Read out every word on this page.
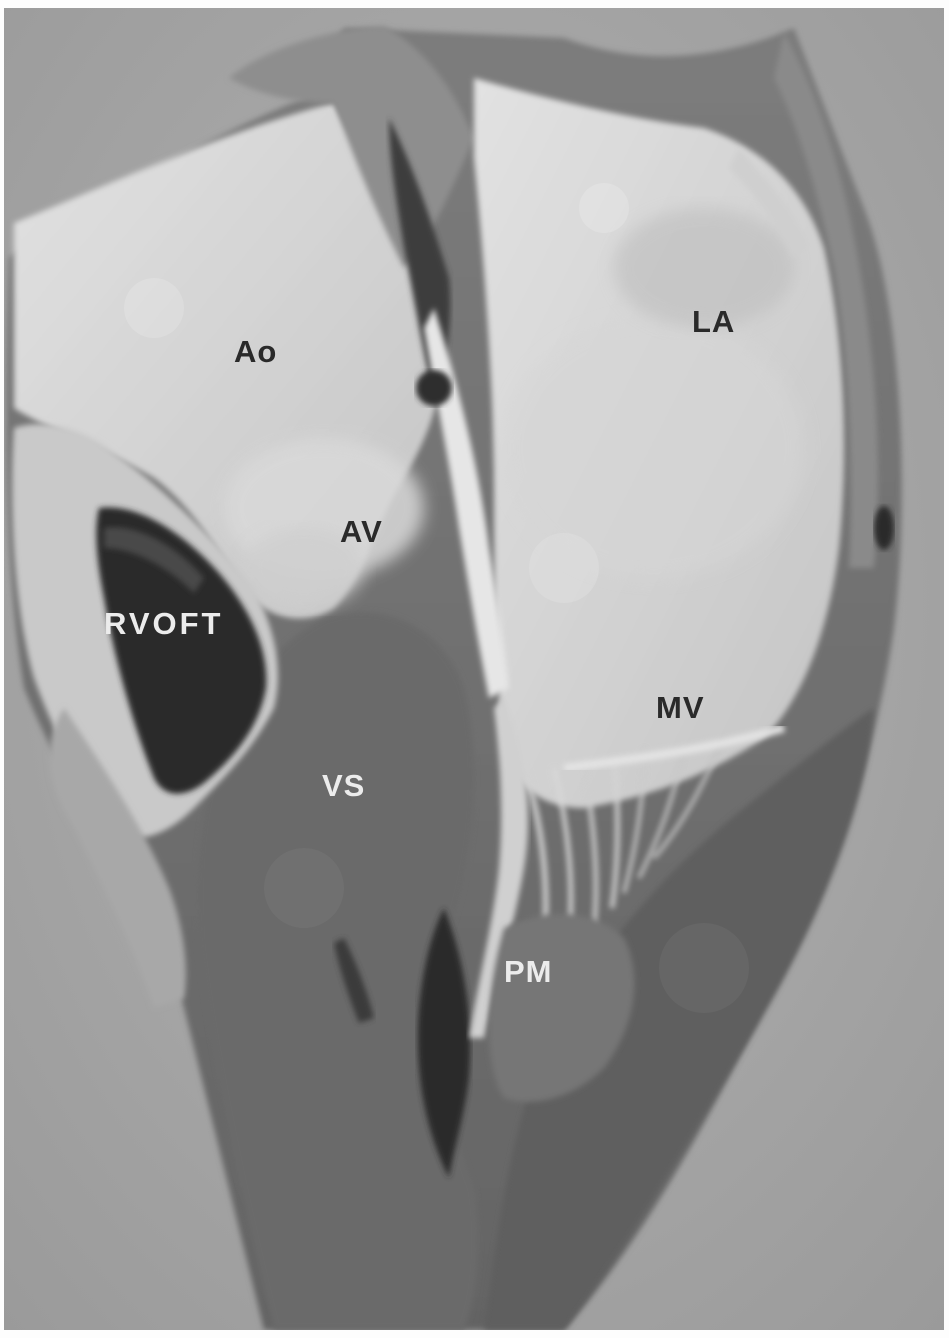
Ao
LA
AV
RVOFT
MV
VS
PM
